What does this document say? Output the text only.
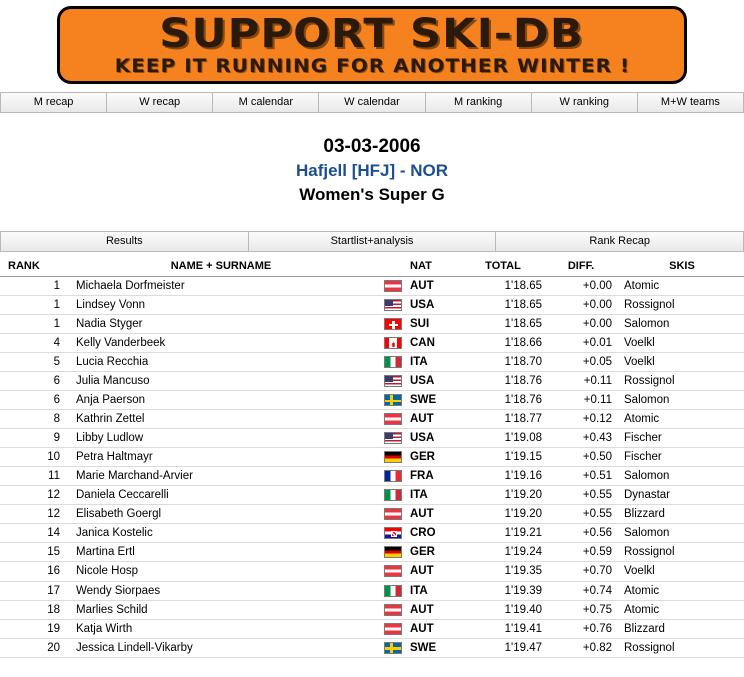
SUPPORT SKI-DB
KEEP IT RUNNING FOR ANOTHER WINTER !
M recap	W recap	M calendar	W calendar	M ranking	W ranking	M+W teams
03-03-2006
Hafjell [HFJ] - NOR
Women's Super G
Results	Startlist+analysis	Rank Recap
RANK	NAME + SURNAME		NAT	TOTAL	DIFF.	SKIS
1	Michaela Dorfmeister		AUT	1'18.65	+0.00	Atomic
1	Lindsey Vonn		USA	1'18.65	+0.00	Rossignol
1	Nadia Styger		SUI	1'18.65	+0.00	Salomon
4	Kelly Vanderbeek		CAN	1'18.66	+0.01	Voelkl
5	Lucia Recchia		ITA	1'18.70	+0.05	Voelkl
6	Julia Mancuso		USA	1'18.76	+0.11	Rossignol
6	Anja Paerson		SWE	1'18.76	+0.11	Salomon
8	Kathrin Zettel		AUT	1'18.77	+0.12	Atomic
9	Libby Ludlow		USA	1'19.08	+0.43	Fischer
10	Petra Haltmayr		GER	1'19.15	+0.50	Fischer
11	Marie Marchand-Arvier		FRA	1'19.16	+0.51	Salomon
12	Daniela Ceccarelli		ITA	1'19.20	+0.55	Dynastar
12	Elisabeth Goergl		AUT	1'19.20	+0.55	Blizzard
14	Janica Kostelic		CRO	1'19.21	+0.56	Salomon
15	Martina Ertl		GER	1'19.24	+0.59	Rossignol
16	Nicole Hosp		AUT	1'19.35	+0.70	Voelkl
17	Wendy Siorpaes		ITA	1'19.39	+0.74	Atomic
18	Marlies Schild		AUT	1'19.40	+0.75	Atomic
19	Katja Wirth		AUT	1'19.41	+0.76	Blizzard
20	Jessica Lindell-Vikarby		SWE	1'19.47	+0.82	Rossignol
